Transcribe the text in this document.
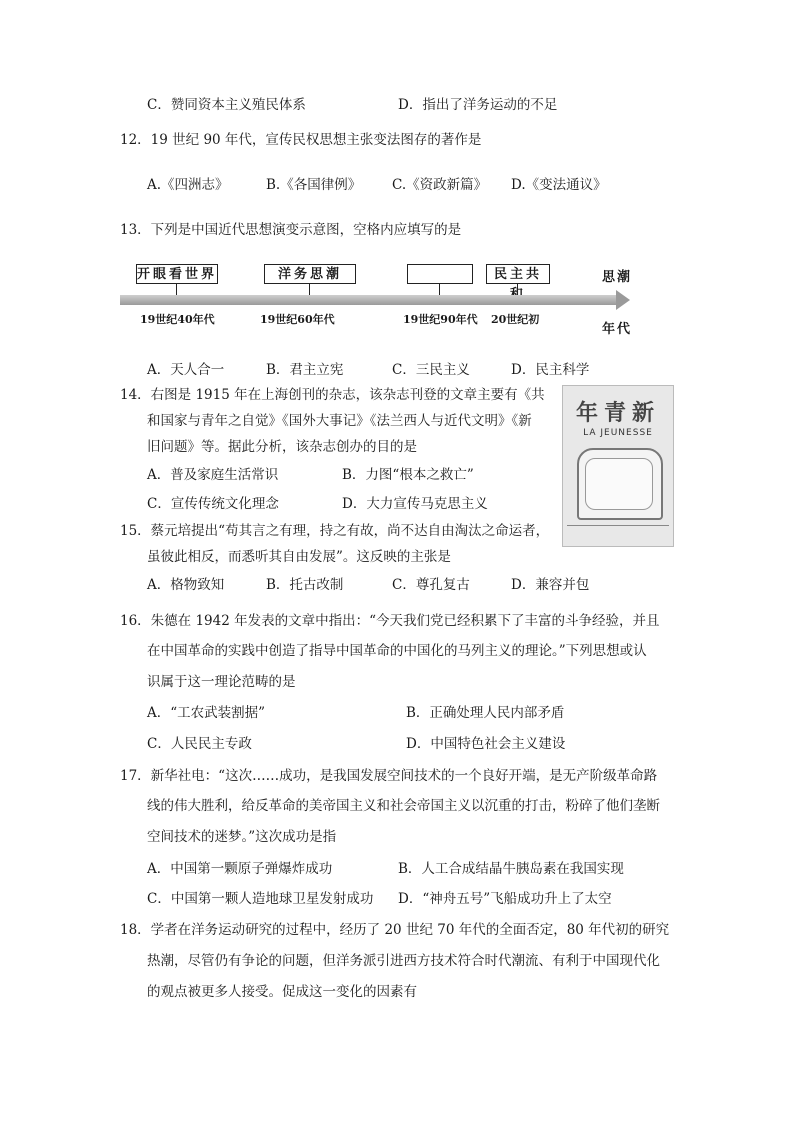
C．赞同资本主义殖民体系	D．指出了洋务运动的不足
12．19 世纪 90 年代，宣传民权思想主张变法图存的著作是
A.《四洲志》	B.《各国律例》 C.《资政新篇》 D.《变法通议》
13．下列是中国近代思想演变示意图，空格内应填写的是
开眼看世界	洋务思潮	民主共
19世纪40年代	19世纪60年代	19世纪90年代 20世纪初
思潮
年代
A．天人合一	B．君主立宪	C．三民主义	D．民主科学
14．右图是 1915 年在上海创刊的杂志，该杂志刊登的文章主要有《共
和国家与青年之自觉》《国外大事记》《法兰西人与近代文明》《新
旧问题》等。据此分析，该杂志创办的目的是
A．普及家庭生活常识	B．力图“根本之救亡”
C．宣传传统文化理念	D．大力宣传马克思主义
年青新
LA JEUNESSE
15．蔡元培提出“苟其言之有理，持之有故，尚不达自由淘汰之命运者，
虽彼此相反，而悉听其自由发展”。这反映的主张是
A．格物致知	B．托古改制	C．尊孔复古	D．兼容并包
16．朱德在 1942 年发表的文章中指出：“今天我们党已经积累下了丰富的斗争经验，并且
在中国革命的实践中创造了指导中国革命的中国化的马列主义的理论。”下列思想或认
识属于这一理论范畴的是
A．“工农武装割据”	B．正确处理人民内部矛盾
C．人民民主专政	D．中国特色社会主义建设
17．新华社电：“这次……成功，是我国发展空间技术的一个良好开端，是无产阶级革命路
线的伟大胜利，给反革命的美帝国主义和社会帝国主义以沉重的打击，粉碎了他们垄断
空间技术的迷梦。”这次成功是指
A．中国第一颗原子弹爆炸成功	B．人工合成结晶牛胰岛素在我国实现
C．中国第一颗人造地球卫星发射成功 D．“神舟五号”飞船成功升上了太空
18．学者在洋务运动研究的过程中，经历了 20 世纪 70 年代的全面否定，80 年代初的研究
热潮，尽管仍有争论的问题，但洋务派引进西方技术符合时代潮流、有利于中国现代化
的观点被更多人接受。促成这一变化的因素有
